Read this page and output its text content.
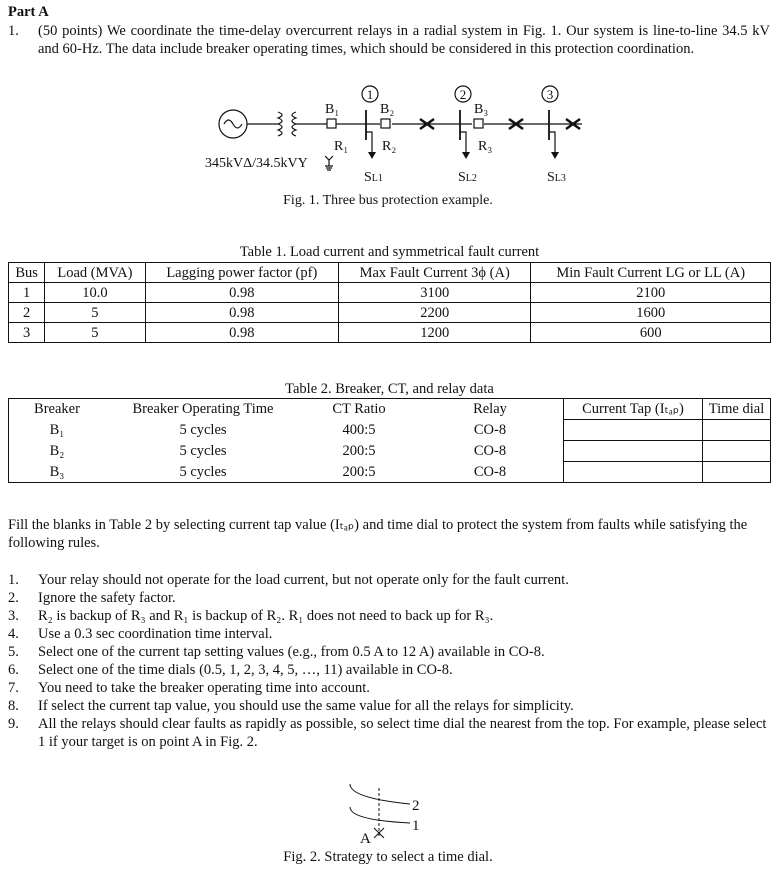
Part A
1. (50 points) We coordinate the time-delay overcurrent relays in a radial system in Fig. 1. Our system is line-to-line 34.5 kV and 60-Hz. The data include breaker operating times, which should be considered in this protection coordination.
1	2	3
B₁	B₂	B₃
R₁ R₂	R₃
345kVΔ/34.5kVY
SL1	SL2	SL3
Fig. 1. Three bus protection example.
Table 1. Load current and symmetrical fault current
Bus	Load (MVA)	Lagging power factor (pf)	Max Fault Current 3ϕ (A)	Min Fault Current LG or LL (A)
1	10.0	0.98	3100	2100
2	5	0.98	2200	1600
3	5	0.98	1200	600
Table 2. Breaker, CT, and relay data
Breaker	Breaker Operating Time	CT Ratio	Relay	Current Tap (Iₜₐₚ)	Time dial
B₁	5 cycles	400:5	CO-8		
B₂	5 cycles	200:5	CO-8		
B₃	5 cycles	200:5	CO-8		
Fill the blanks in Table 2 by selecting current tap value (Iₜₐₚ) and time dial to protect the system from faults while satisfying the following rules.
1.	Your relay should not operate for the load current, but not operate only for the fault current.
2.	Ignore the safety factor.
3.	R₂ is backup of R₃ and R₁ is backup of R₂. R₁ does not need to back up for R₃.
4.	Use a 0.3 sec coordination time interval.
5.	Select one of the current tap setting values (e.g., from 0.5 A to 12 A) available in CO-8.
6.	Select one of the time dials (0.5, 1, 2, 3, 4, 5, …, 11) available in CO-8.
7.	You need to take the breaker operating time into account.
8.	If select the current tap value, you should use the same value for all the relays for simplicity.
9.	All the relays should clear faults as rapidly as possible, so select time dial the nearest from the top. For example, please select 1 if your target is on point A in Fig. 2.
2
1
A
Fig. 2. Strategy to select a time dial.
